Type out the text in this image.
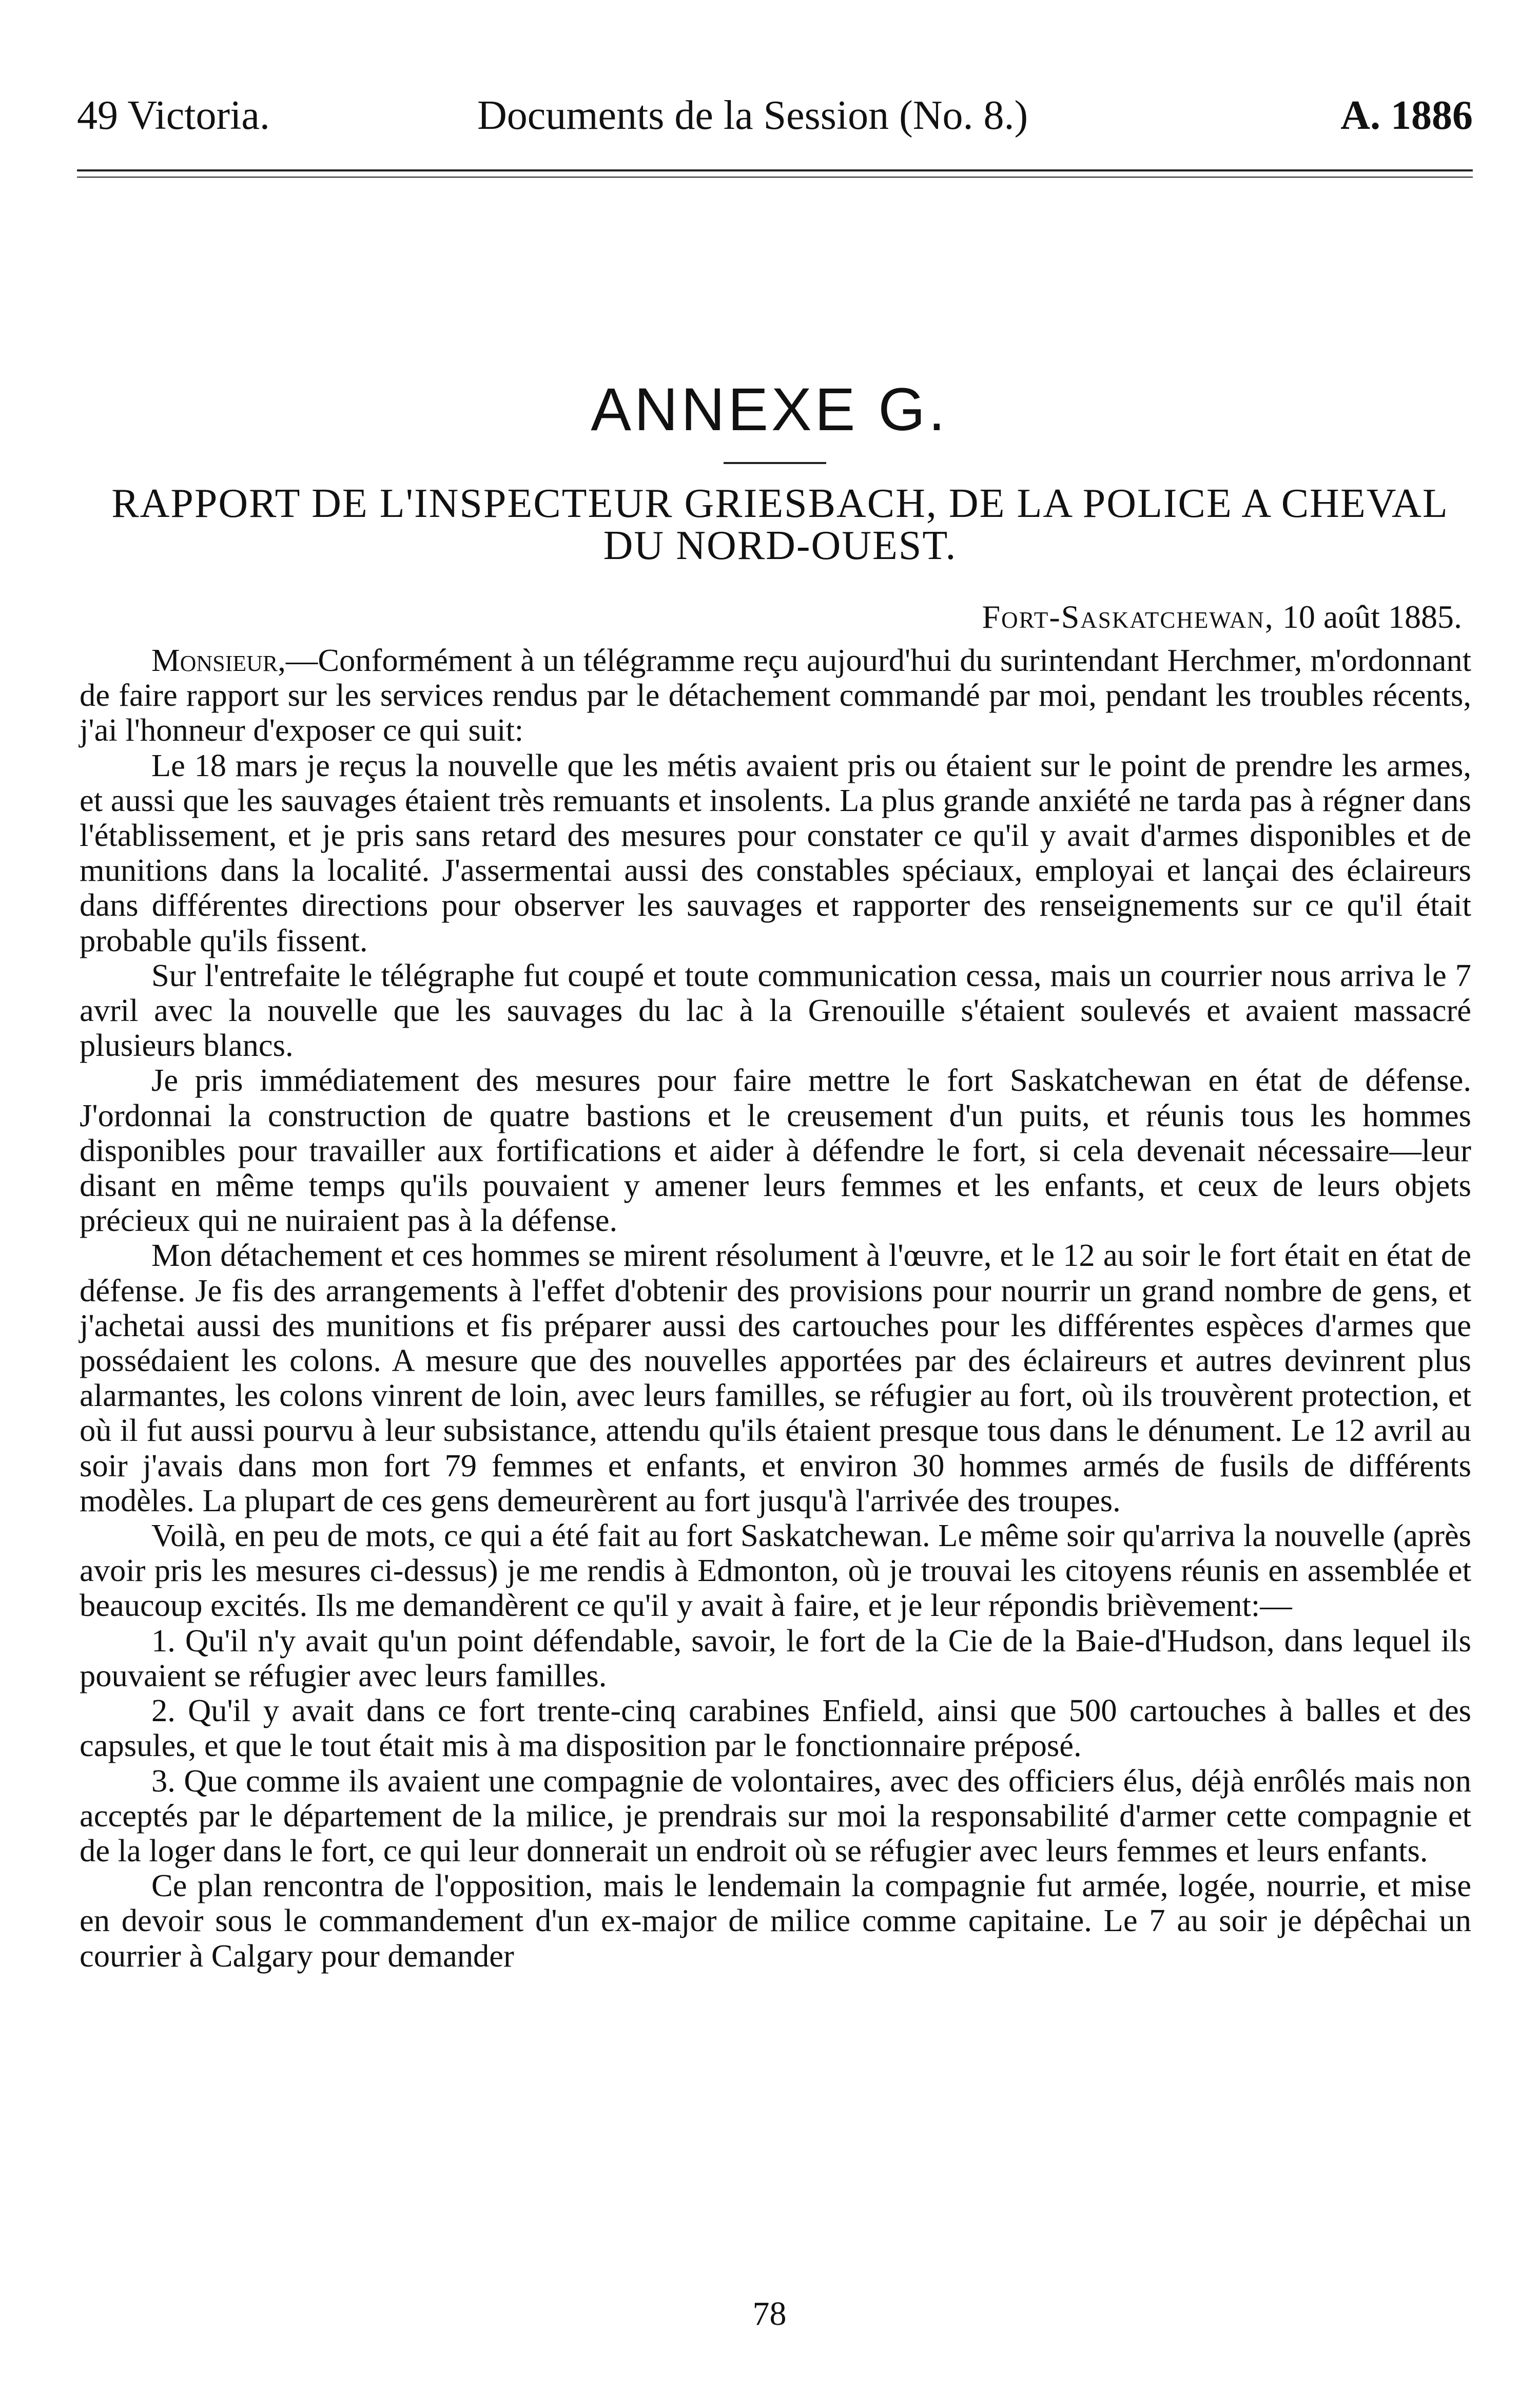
49 Victoria.	Documents de la Session (No. 8.)	A. 1886
ANNEXE G.
RAPPORT DE L'INSPECTEUR GRIESBACH, DE LA POLICE A CHEVAL
DU NORD-OUEST.
Fort-Saskatchewan, 10 août 1885.

Monsieur,—Conformément à un télégramme reçu aujourd'hui du surintendant Herchmer, m'ordonnant de faire rapport sur les services rendus par le détachement commandé par moi, pendant les troubles récents, j'ai l'honneur d'exposer ce qui suit:

Le 18 mars je reçus la nouvelle que les métis avaient pris ou étaient sur le point de prendre les armes, et aussi que les sauvages étaient très remuants et insolents. La plus grande anxiété ne tarda pas à régner dans l'établissement, et je pris sans retard des mesures pour constater ce qu'il y avait d'armes disponibles et de munitions dans la localité. J'assermentai aussi des constables spéciaux, employai et lançai des éclaireurs dans différentes directions pour observer les sauvages et rapporter des renseignements sur ce qu'il était probable qu'ils fissent.

Sur l'entrefaite le télégraphe fut coupé et toute communication cessa, mais un courrier nous arriva le 7 avril avec la nouvelle que les sauvages du lac à la Grenouille s'étaient soulevés et avaient massacré plusieurs blancs.

Je pris immédiatement des mesures pour faire mettre le fort Saskatchewan en état de défense. J'ordonnai la construction de quatre bastions et le creusement d'un puits, et réunis tous les hommes disponibles pour travailler aux fortifications et aider à défendre le fort, si cela devenait nécessaire—leur disant en même temps qu'ils pouvaient y amener leurs femmes et les enfants, et ceux de leurs objets précieux qui ne nuiraient pas à la défense.

Mon détachement et ces hommes se mirent résolument à l'œuvre, et le 12 au soir le fort était en état de défense. Je fis des arrangements à l'effet d'obtenir des provisions pour nourrir un grand nombre de gens, et j'achetai aussi des munitions et fis préparer aussi des cartouches pour les différentes espèces d'armes que possédaient les colons. A mesure que des nouvelles apportées par des éclaireurs et autres devinrent plus alarmantes, les colons vinrent de loin, avec leurs familles, se réfugier au fort, où ils trouvèrent protection, et où il fut aussi pourvu à leur subsistance, attendu qu'ils étaient presque tous dans le dénument. Le 12 avril au soir j'avais dans mon fort 79 femmes et enfants, et environ 30 hommes armés de fusils de différents modèles. La plupart de ces gens demeurèrent au fort jusqu'à l'arrivée des troupes.

Voilà, en peu de mots, ce qui a été fait au fort Saskatchewan. Le même soir qu'arriva la nouvelle (après avoir pris les mesures ci-dessus) je me rendis à Edmonton, où je trouvai les citoyens réunis en assemblée et beaucoup excités. Ils me demandèrent ce qu'il y avait à faire, et je leur répondis brièvement:—

1. Qu'il n'y avait qu'un point défendable, savoir, le fort de la Cie de la Baie-d'Hudson, dans lequel ils pouvaient se réfugier avec leurs familles.

2. Qu'il y avait dans ce fort trente-cinq carabines Enfield, ainsi que 500 cartouches à balles et des capsules, et que le tout était mis à ma disposition par le fonctionnaire préposé.

3. Que comme ils avaient une compagnie de volontaires, avec des officiers élus, déjà enrôlés mais non acceptés par le département de la milice, je prendrais sur moi la responsabilité d'armer cette compagnie et de la loger dans le fort, ce qui leur donnerait un endroit où se réfugier avec leurs femmes et leurs enfants.

Ce plan rencontra de l'opposition, mais le lendemain la compagnie fut armée, logée, nourrie, et mise en devoir sous le commandement d'un ex-major de milice comme capitaine. Le 7 au soir je dépêchai un courrier à Calgary pour demander

78
